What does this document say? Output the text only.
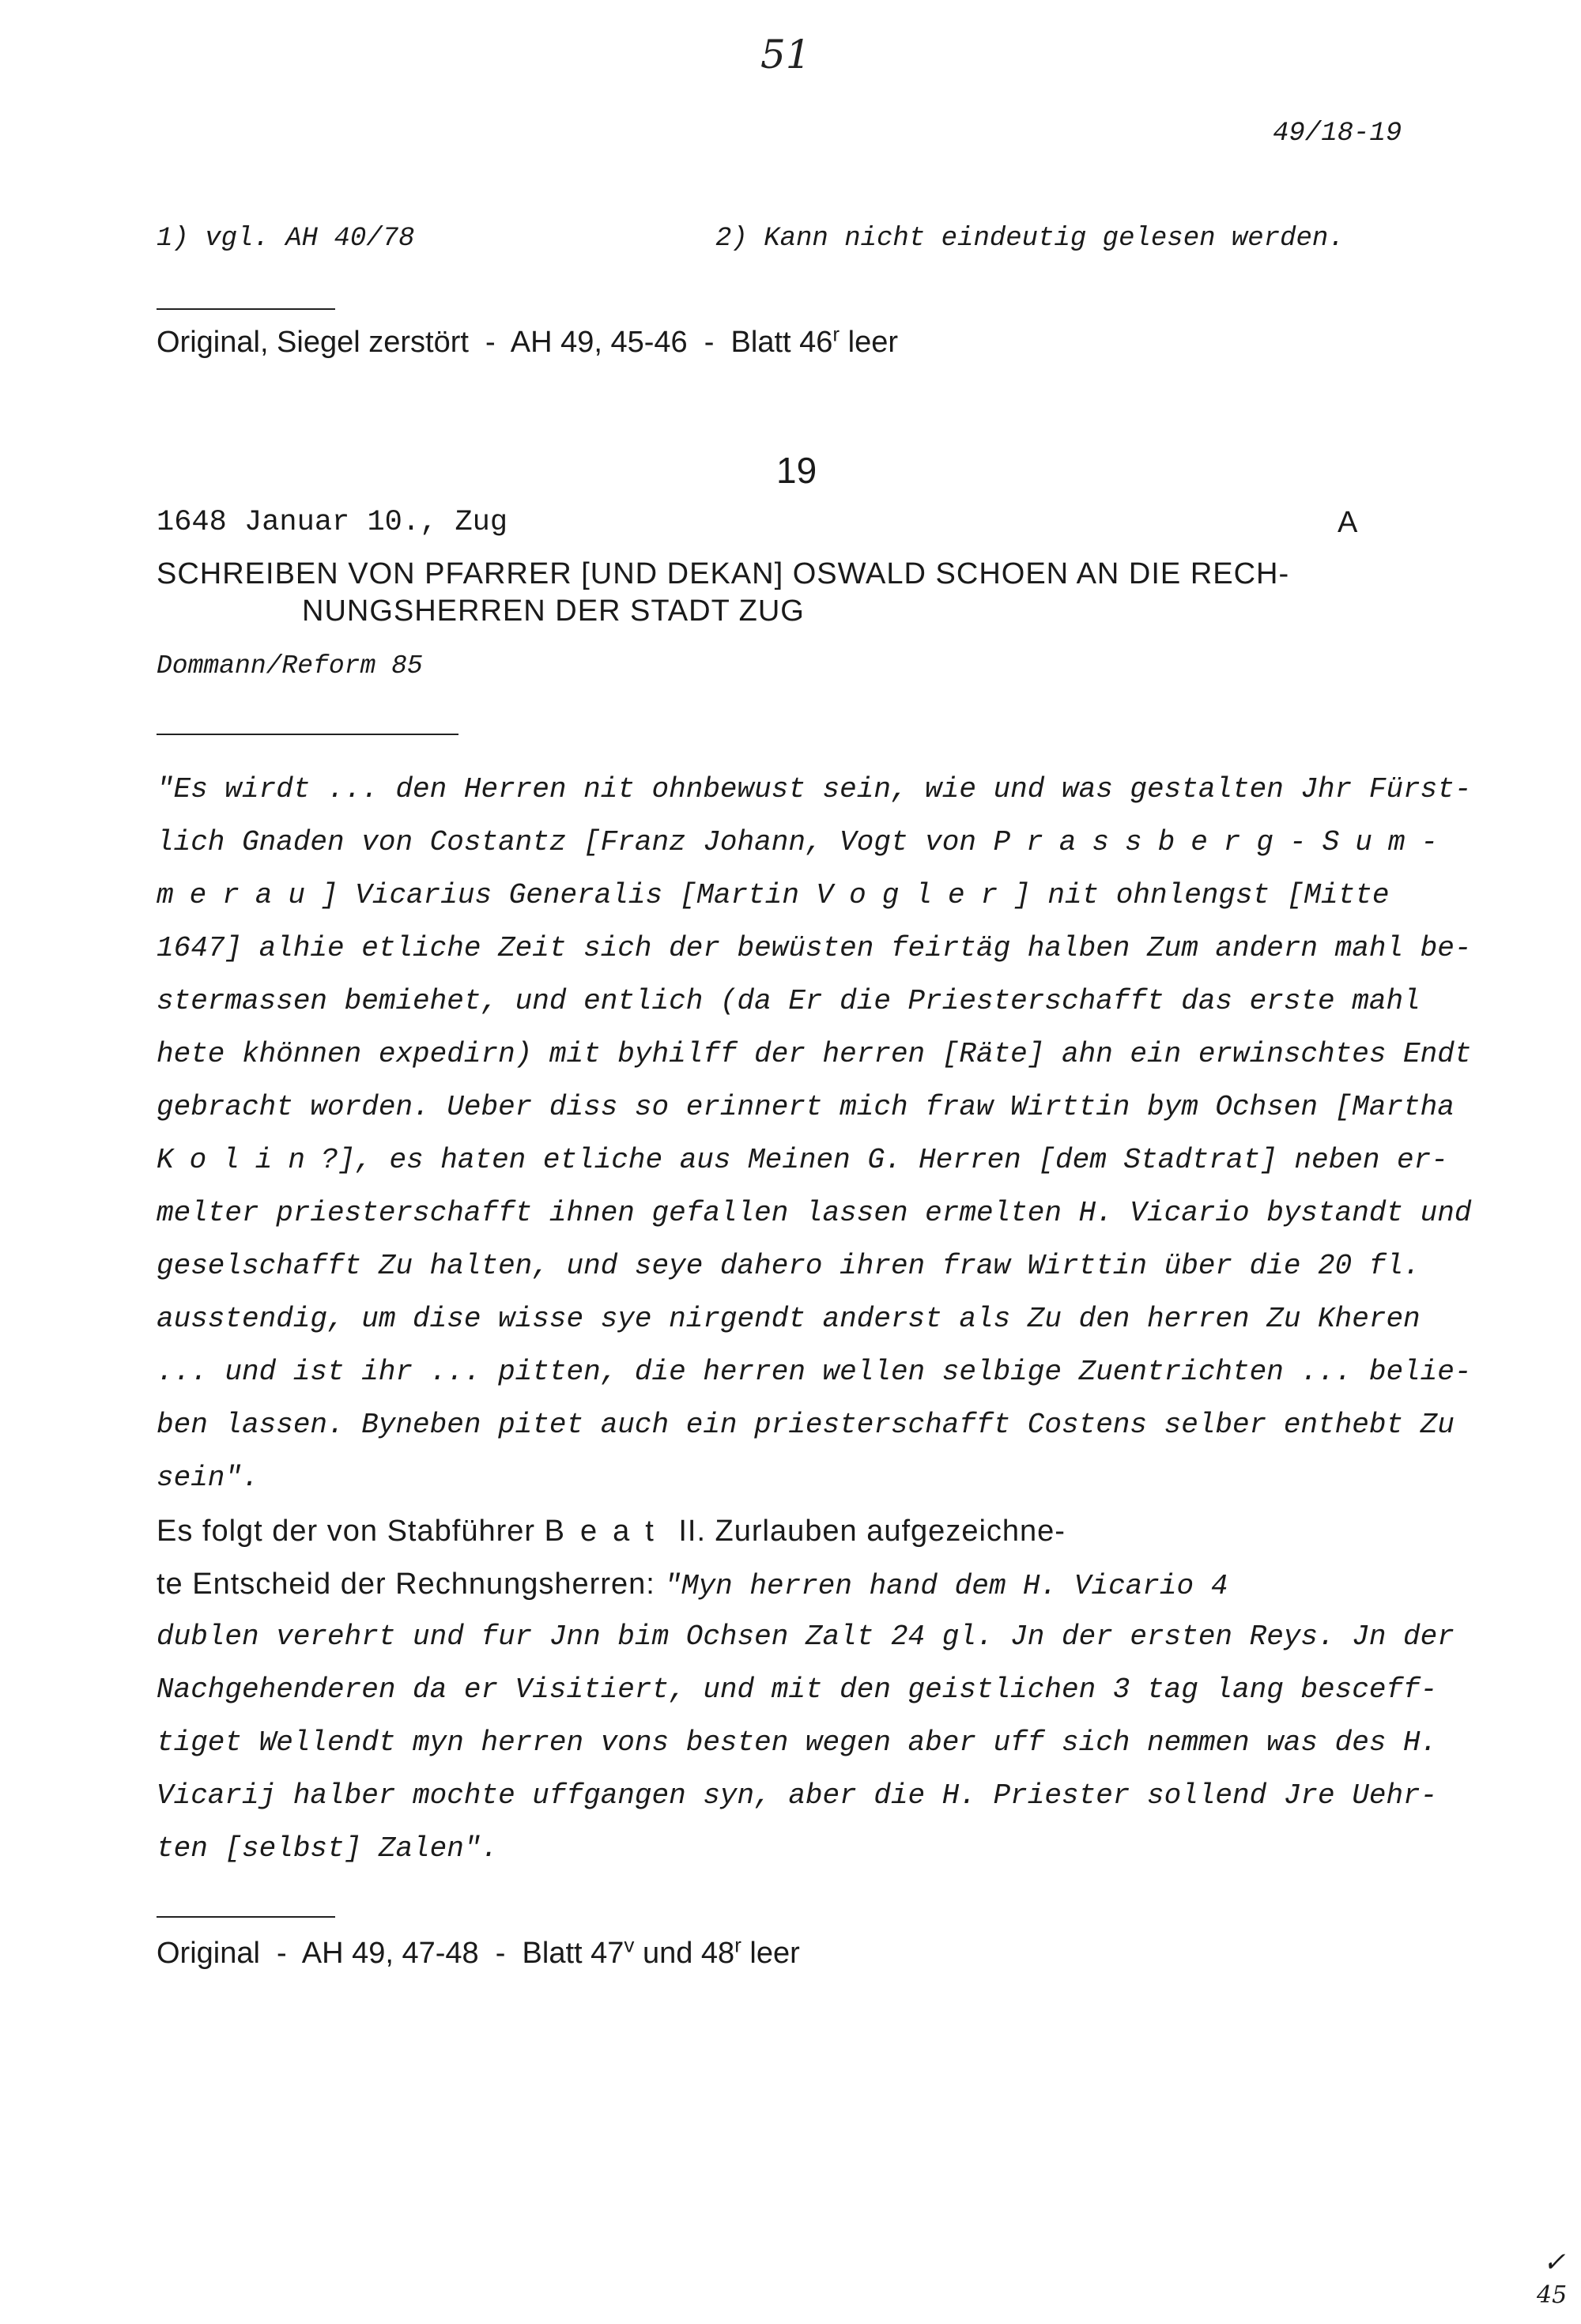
51
49/18-19
1) vgl. AH 40/78	2) Kann nicht eindeutig gelesen werden.
Original, Siegel zerstört  -  AH 49, 45-46  -  Blatt 46$^r$ leer
19
1648 Januar 10., Zug	A
SCHREIBEN VON PFARRER [UND DEKAN] OSWALD SCHOEN AN DIE RECH-
NUNGSHERREN DER STADT ZUG
Dommann/Reform 85
"Es wirdt ... den Herren nit ohnbewust sein, wie und was gestalten Jhr Fürst-
lich Gnaden von Costantz [Franz Johann, Vogt von Prassberg-Sum-
merau] Vicarius Generalis [Martin Vogler] nit ohnlengst [Mitte
1647] alhie etliche Zeit sich der bewüsten feirtäg halben Zum andern mahl be-
stermassen bemiehet, und entlich (da Er die Priesterschafft das erste mahl
hete khönnen expedirn) mit byhilff der herren [Räte] ahn ein erwinschtes Endt
gebracht worden. Ueber diss so erinnert mich fraw Wirttin bym Ochsen [Martha
Kolin?], es haten etliche aus Meinen G. Herren [dem Stadtrat] neben er-
melter priesterschafft ihnen gefallen lassen ermelten H. Vicario bystandt und
geselschafft Zu halten, und seye dahero ihren fraw Wirttin über die 20 fl.
ausstendig, um dise wisse sye nirgendt anderst als Zu den herren Zu Kheren
... und ist ihr ... pitten, die herren wellen selbige Zuentrichten ... belie-
ben lassen. Byneben pitet auch ein priesterschafft Costens selber enthebt Zu
sein".
Es folgt der von Stabführer Beat II. Zurlauben aufgezeichne-
te Entscheid der Rechnungsherren: "Myn herren hand dem H. Vicario 4
dublen verehrt und fur Jnn bim Ochsen Zalt 24 gl. Jn der ersten Reys. Jn der
Nachgehenderen da er Visitiert, und mit den geistlichen 3 tag lang besceff-
tiget Wellendt myn herren vons besten wegen aber uff sich nemmen was des H.
Vicarij halber mochte uffgangen syn, aber die H. Priester sollend Jre Uehr-
ten [selbst] Zalen".
Original  -  AH 49, 47-48  -  Blatt 47$^v$ und 48$^r$ leer
✓
45
